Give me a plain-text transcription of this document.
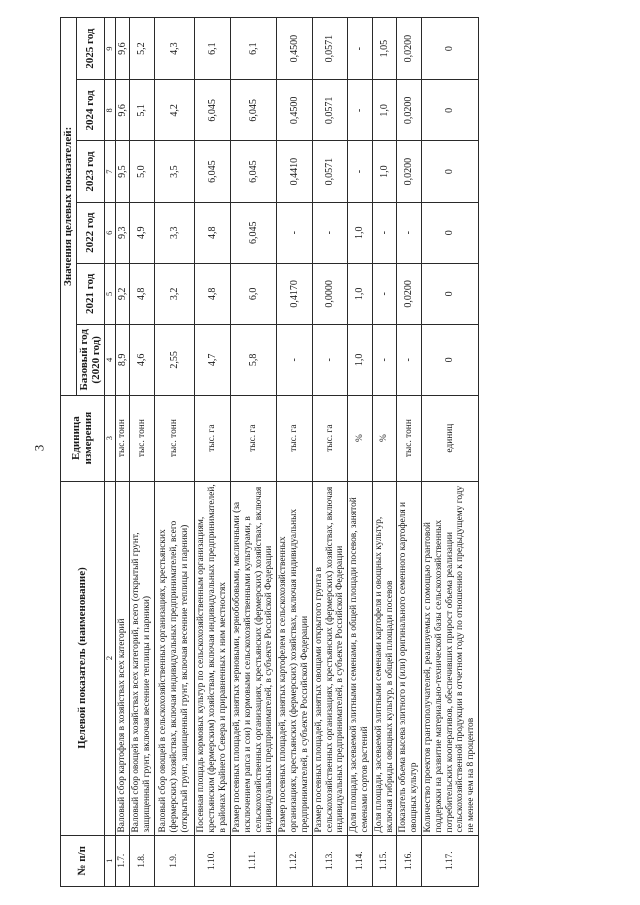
3
№ п/п	Целевой показатель (наименование)	Единица измерения	Значения целевых показателей:					
			Базовый год (2020 год)	2021 год	2022 год	2023 год	2024 год	2025 год
1	2	3	4	5	6	7	8	9
1.7.	Валовый сбор картофеля в хозяйствах всех категорий	тыс. тонн	8,9	9,2	9,3	9,5	9,6	9,6
1.8.	Валовый сбор овощей в хозяйствах всех категорий, всего (открытый грунт, защищенный грунт, включая весенние теплицы и парники)	тыс. тонн	4,6	4,8	4,9	5,0	5,1	5,2
1.9.	Валовый сбор овощей в сельскохозяйственных организациях, крестьянских (фермерских) хозяйствах, включая индивидуальных предпринимателей, всего (открытый грунт, защищенный грунт, включая весенние теплицы и парники)	тыс. тонн	2,55	3,2	3,3	3,5	4,2	4,3
1.10.	Посевная площадь кормовых культур по сельскохозяйственным организациям, крестьянским (фермерским) хозяйствам, включая индивидуальных предпринимателей, в районах Крайнего Севера и приравненных к ним местностях	тыс. га	4,7	4,8	4,8	6,045	6,045	6,1
1.11.	Размер посевных площадей, занятых зерновыми, зернобобовыми, масличными (за исключением рапса и сои) и кормовыми сельскохозяйственными культурами, в сельскохозяйственных организациях, крестьянских (фермерских) хозяйствах, включая индивидуальных предпринимателей, в субъекте Российской Федерации	тыс. га	5,8	6,0	6,045	6,045	6,045	6,1
1.12.	Размер посевных площадей, занятых картофелем в сельскохозяйственных организациях, крестьянских (фермерских) хозяйствах, включая индивидуальных предпринимателей, в субъекте Российской Федерации	тыс. га	-	0,4170	-	0,4410	0,4500	0,4500
1.13.	Размер посевных площадей, занятых овощами открытого грунта в сельскохозяйственных организациях, крестьянских (фермерских) хозяйствах, включая индивидуальных предпринимателей, в субъекте Российской Федерации	тыс. га	-	0,0000	-	0,0571	0,0571	0,0571
1.14.	Доля площади, засеваемой элитными семенами, в общей площади посевов, занятой семенами сортов растений	%	1,0	1,0	1,0	-	-	-
1.15.	Доля площади, засеваемой элитными семенами картофеля и овощных культур, включая гибриды овощных культур, в общей площади посевов	%	-	-	-	1,0	1,0	1,05
1.16.	Показатель объема высева элитного и (или) оригинального семенного картофеля и овощных культур	тыс. тонн	-	0,0200	-	0,0200	0,0200	0,0200
1.17.	Количество проектов грантополучателей, реализуемых с помощью грантовой поддержки на развитие материально-технической базы сельскохозяйственных потребительских кооперативов, обеспечивших прирост объема реализации сельскохозяйственной продукции в отчетном году по отношению к предыдущему году не менее чем на 8 процентов	единиц	0	0	0	0	0	0
